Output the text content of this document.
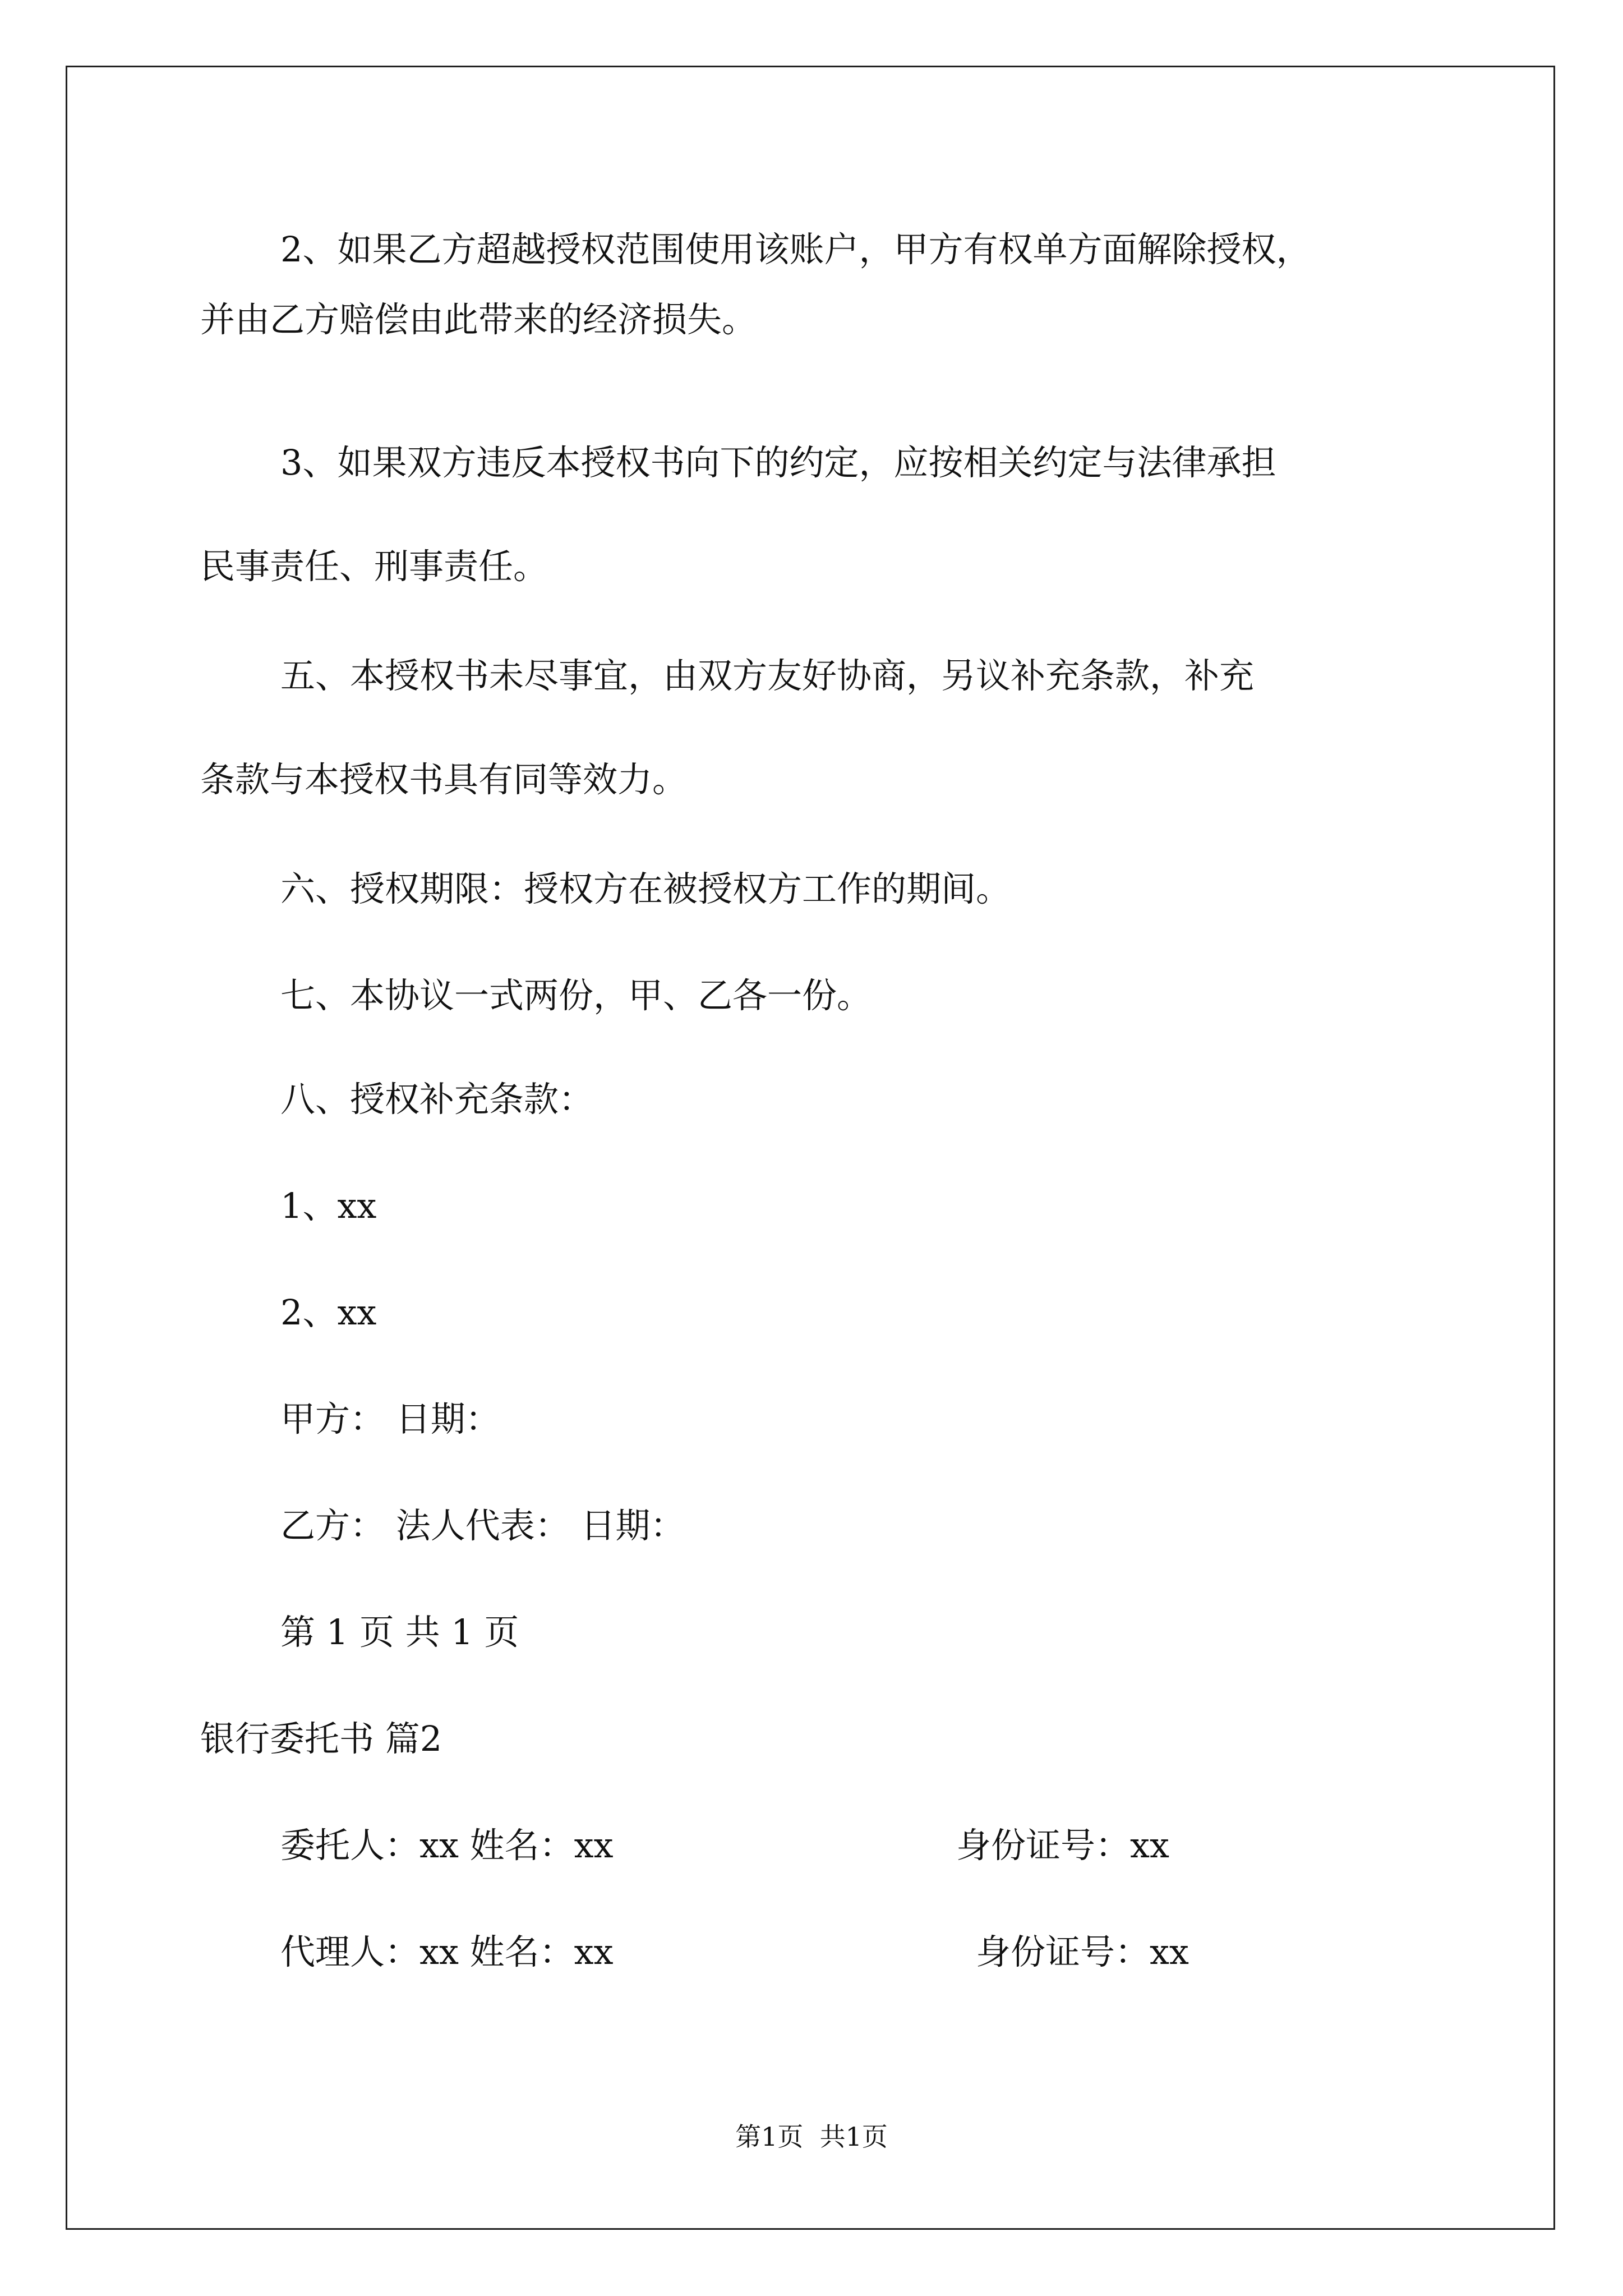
2、如果乙方超越授权范围使用该账户，甲方有权单方面解除授权，

并由乙方赔偿由此带来的经济损失。

3、如果双方违反本授权书向下的约定，应按相关约定与法律承担

民事责任、刑事责任。

五、本授权书未尽事宜，由双方友好协商，另议补充条款，补充

条款与本授权书具有同等效力。

六、授权期限：授权方在被授权方工作的期间。

七、本协议一式两份，甲、乙各一份。

八、授权补充条款：

1、xx

2、xx

甲方： 日期：

乙方： 法人代表： 日期：

第 1 页 共 1 页

银行委托书 篇2

委托人：xx 姓名：xx	身份证号：xx

代理人：xx 姓名：xx	身份证号：xx
第1页  共1页
